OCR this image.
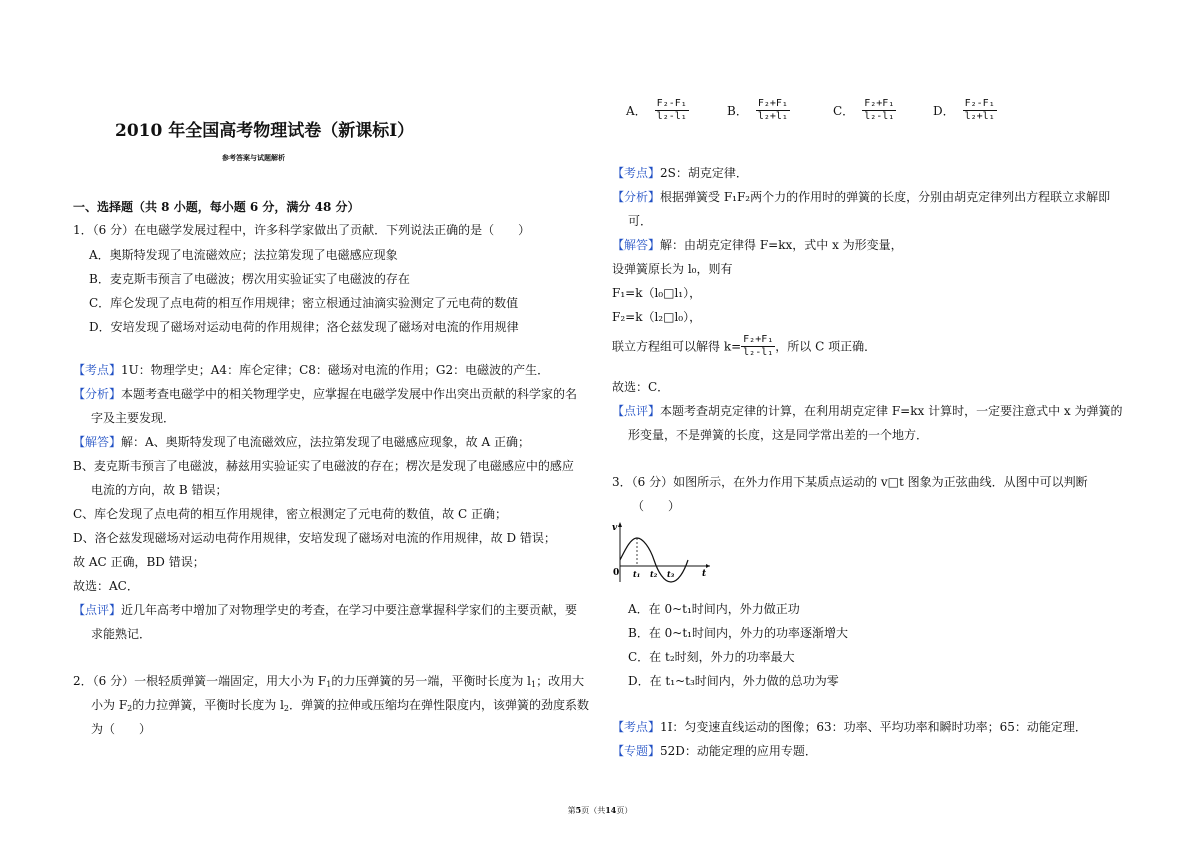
2010 年全国高考物理试卷（新课标I）
参考答案与试题解析
一、选择题（共 8 小题，每小题 6 分，满分 48 分）
1．（6 分）在电磁学发展过程中，许多科学家做出了贡献．下列说法正确的是（　　）
A．奥斯特发现了电流磁效应；法拉第发现了电磁感应现象
B．麦克斯韦预言了电磁波；楞次用实验证实了电磁波的存在
C．库仑发现了点电荷的相互作用规律；密立根通过油滴实验测定了元电荷的数值
D．安培发现了磁场对运动电荷的作用规律；洛仑兹发现了磁场对电流的作用规律
【考点】1U：物理学史；A4：库仑定律；C8：磁场对电流的作用；G2：电磁波的产生．
【分析】本题考查电磁学中的相关物理学史，应掌握在电磁学发展中作出突出贡献的科学家的名
字及主要发现．
【解答】解：A、奥斯特发现了电流磁效应，法拉第发现了电磁感应现象，故 A 正确；
B、麦克斯韦预言了电磁波，赫兹用实验证实了电磁波的存在；楞次是发现了电磁感应中的感应
电流的方向，故 B 错误；
C、库仑发现了点电荷的相互作用规律，密立根测定了元电荷的数值，故 C 正确；
D、洛仑兹发现磁场对运动电荷作用规律，安培发现了磁场对电流的作用规律，故 D 错误；
故 AC 正确，BD 错误；
故选：AC．
【点评】近几年高考中增加了对物理学史的考查，在学习中要注意掌握科学家们的主要贡献，要
求能熟记．
2．（6 分）一根轻质弹簧一端固定，用大小为 $F_1$的力压弹簧的另一端，平衡时长度为 $l_1$；改用大
小为 $F_2$的力拉弹簧，平衡时长度为 $l_2$．弹簧的拉伸或压缩均在弹性限度内，该弹簧的劲度系数
为（　　）
A． $\frac{\text{F₂-F₁}}{\text{l₂-l₁}}$	B． $\frac{\text{F₂+F₁}}{\text{l₂+l₁}}$	C． $\frac{\text{F₂+F₁}}{\text{l₂-l₁}}$	D． $\frac{\text{F₂-F₁}}{\text{l₂+l₁}}$
【考点】2S：胡克定律．
【分析】根据弹簧受 F₁F₂两个力的作用时的弹簧的长度，分别由胡克定律列出方程联立求解即
可．
【解答】解：由胡克定律得 F=kx，式中 x 为形变量，
设弹簧原长为 l₀，则有
F₁=k（l₀□l₁），
F₂=k（l₂□l₀），
联立方程组可以解得 $k= \frac{\text{F₂+F₁}}{\text{l₂-l₁}}$ ，所以 C 项正确．
故选：C．
【点评】本题考查胡克定律的计算，在利用胡克定律 F=kx 计算时，一定要注意式中 x 为弹簧的
形变量，不是弹簧的长度，这是同学常出差的一个地方．
3．（6 分）如图所示，在外力作用下某质点运动的 v□t 图象为正弦曲线．从图中可以判断
（　　）
v
0 t₁ t₂ t₃	t
A．在 0~t₁时间内，外力做正功
B．在 0~t₁时间内，外力的功率逐渐增大
C．在 t₂时刻，外力的功率最大
D．在 t₁~t₃时间内，外力做的总功为零
【考点】1I：匀变速直线运动的图像；63：功率、平均功率和瞬时功率；65：动能定理．
【专题】52D：动能定理的应用专题．
第5页（共14页）
